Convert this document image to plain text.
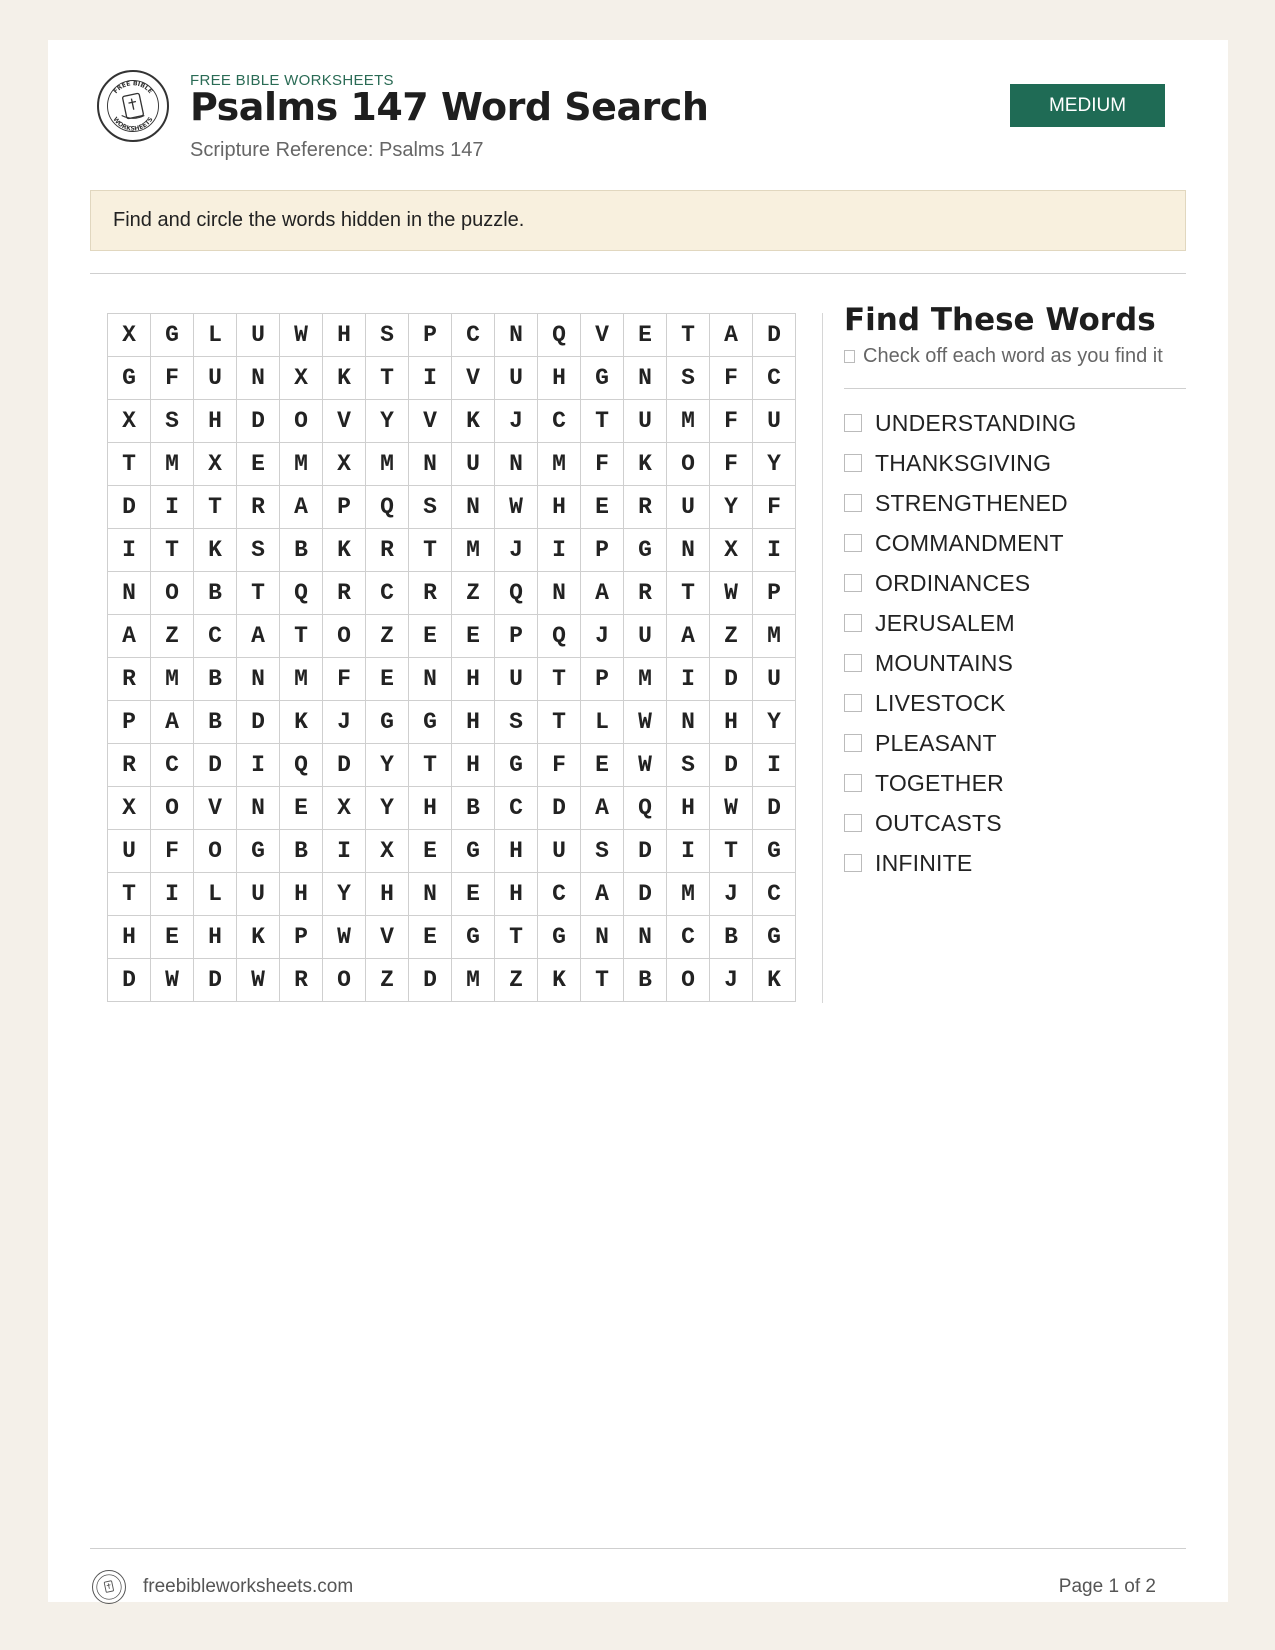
FREE BIBLE
WORKSHEETS
FREE BIBLE WORKSHEETS
Psalms 147 Word Search
Scripture Reference: Psalms 147
MEDIUM
Find and circle the words hidden in the puzzle.
X	G	L	U	W	H	S	P	C	N	Q	V	E	T	A	D
G	F	U	N	X	K	T	I	V	U	H	G	N	S	F	C
X	S	H	D	O	V	Y	V	K	J	C	T	U	M	F	U
T	M	X	E	M	X	M	N	U	N	M	F	K	O	F	Y
D	I	T	R	A	P	Q	S	N	W	H	E	R	U	Y	F
I	T	K	S	B	K	R	T	M	J	I	P	G	N	X	I
N	O	B	T	Q	R	C	R	Z	Q	N	A	R	T	W	P
A	Z	C	A	T	O	Z	E	E	P	Q	J	U	A	Z	M
R	M	B	N	M	F	E	N	H	U	T	P	M	I	D	U
P	A	B	D	K	J	G	G	H	S	T	L	W	N	H	Y
R	C	D	I	Q	D	Y	T	H	G	F	E	W	S	D	I
X	O	V	N	E	X	Y	H	B	C	D	A	Q	H	W	D
U	F	O	G	B	I	X	E	G	H	U	S	D	I	T	G
T	I	L	U	H	Y	H	N	E	H	C	A	D	M	J	C
H	E	H	K	P	W	V	E	G	T	G	N	N	C	B	G
D	W	D	W	R	O	Z	D	M	Z	K	T	B	O	J	K
Find These Words
Check off each word as you find it
UNDERSTANDING
THANKSGIVING
STRENGTHENED
COMMANDMENT
ORDINANCES
JERUSALEM
MOUNTAINS
LIVESTOCK
PLEASANT
TOGETHER
OUTCASTS
INFINITE
freebibleworksheets.com	Page 1 of 2
